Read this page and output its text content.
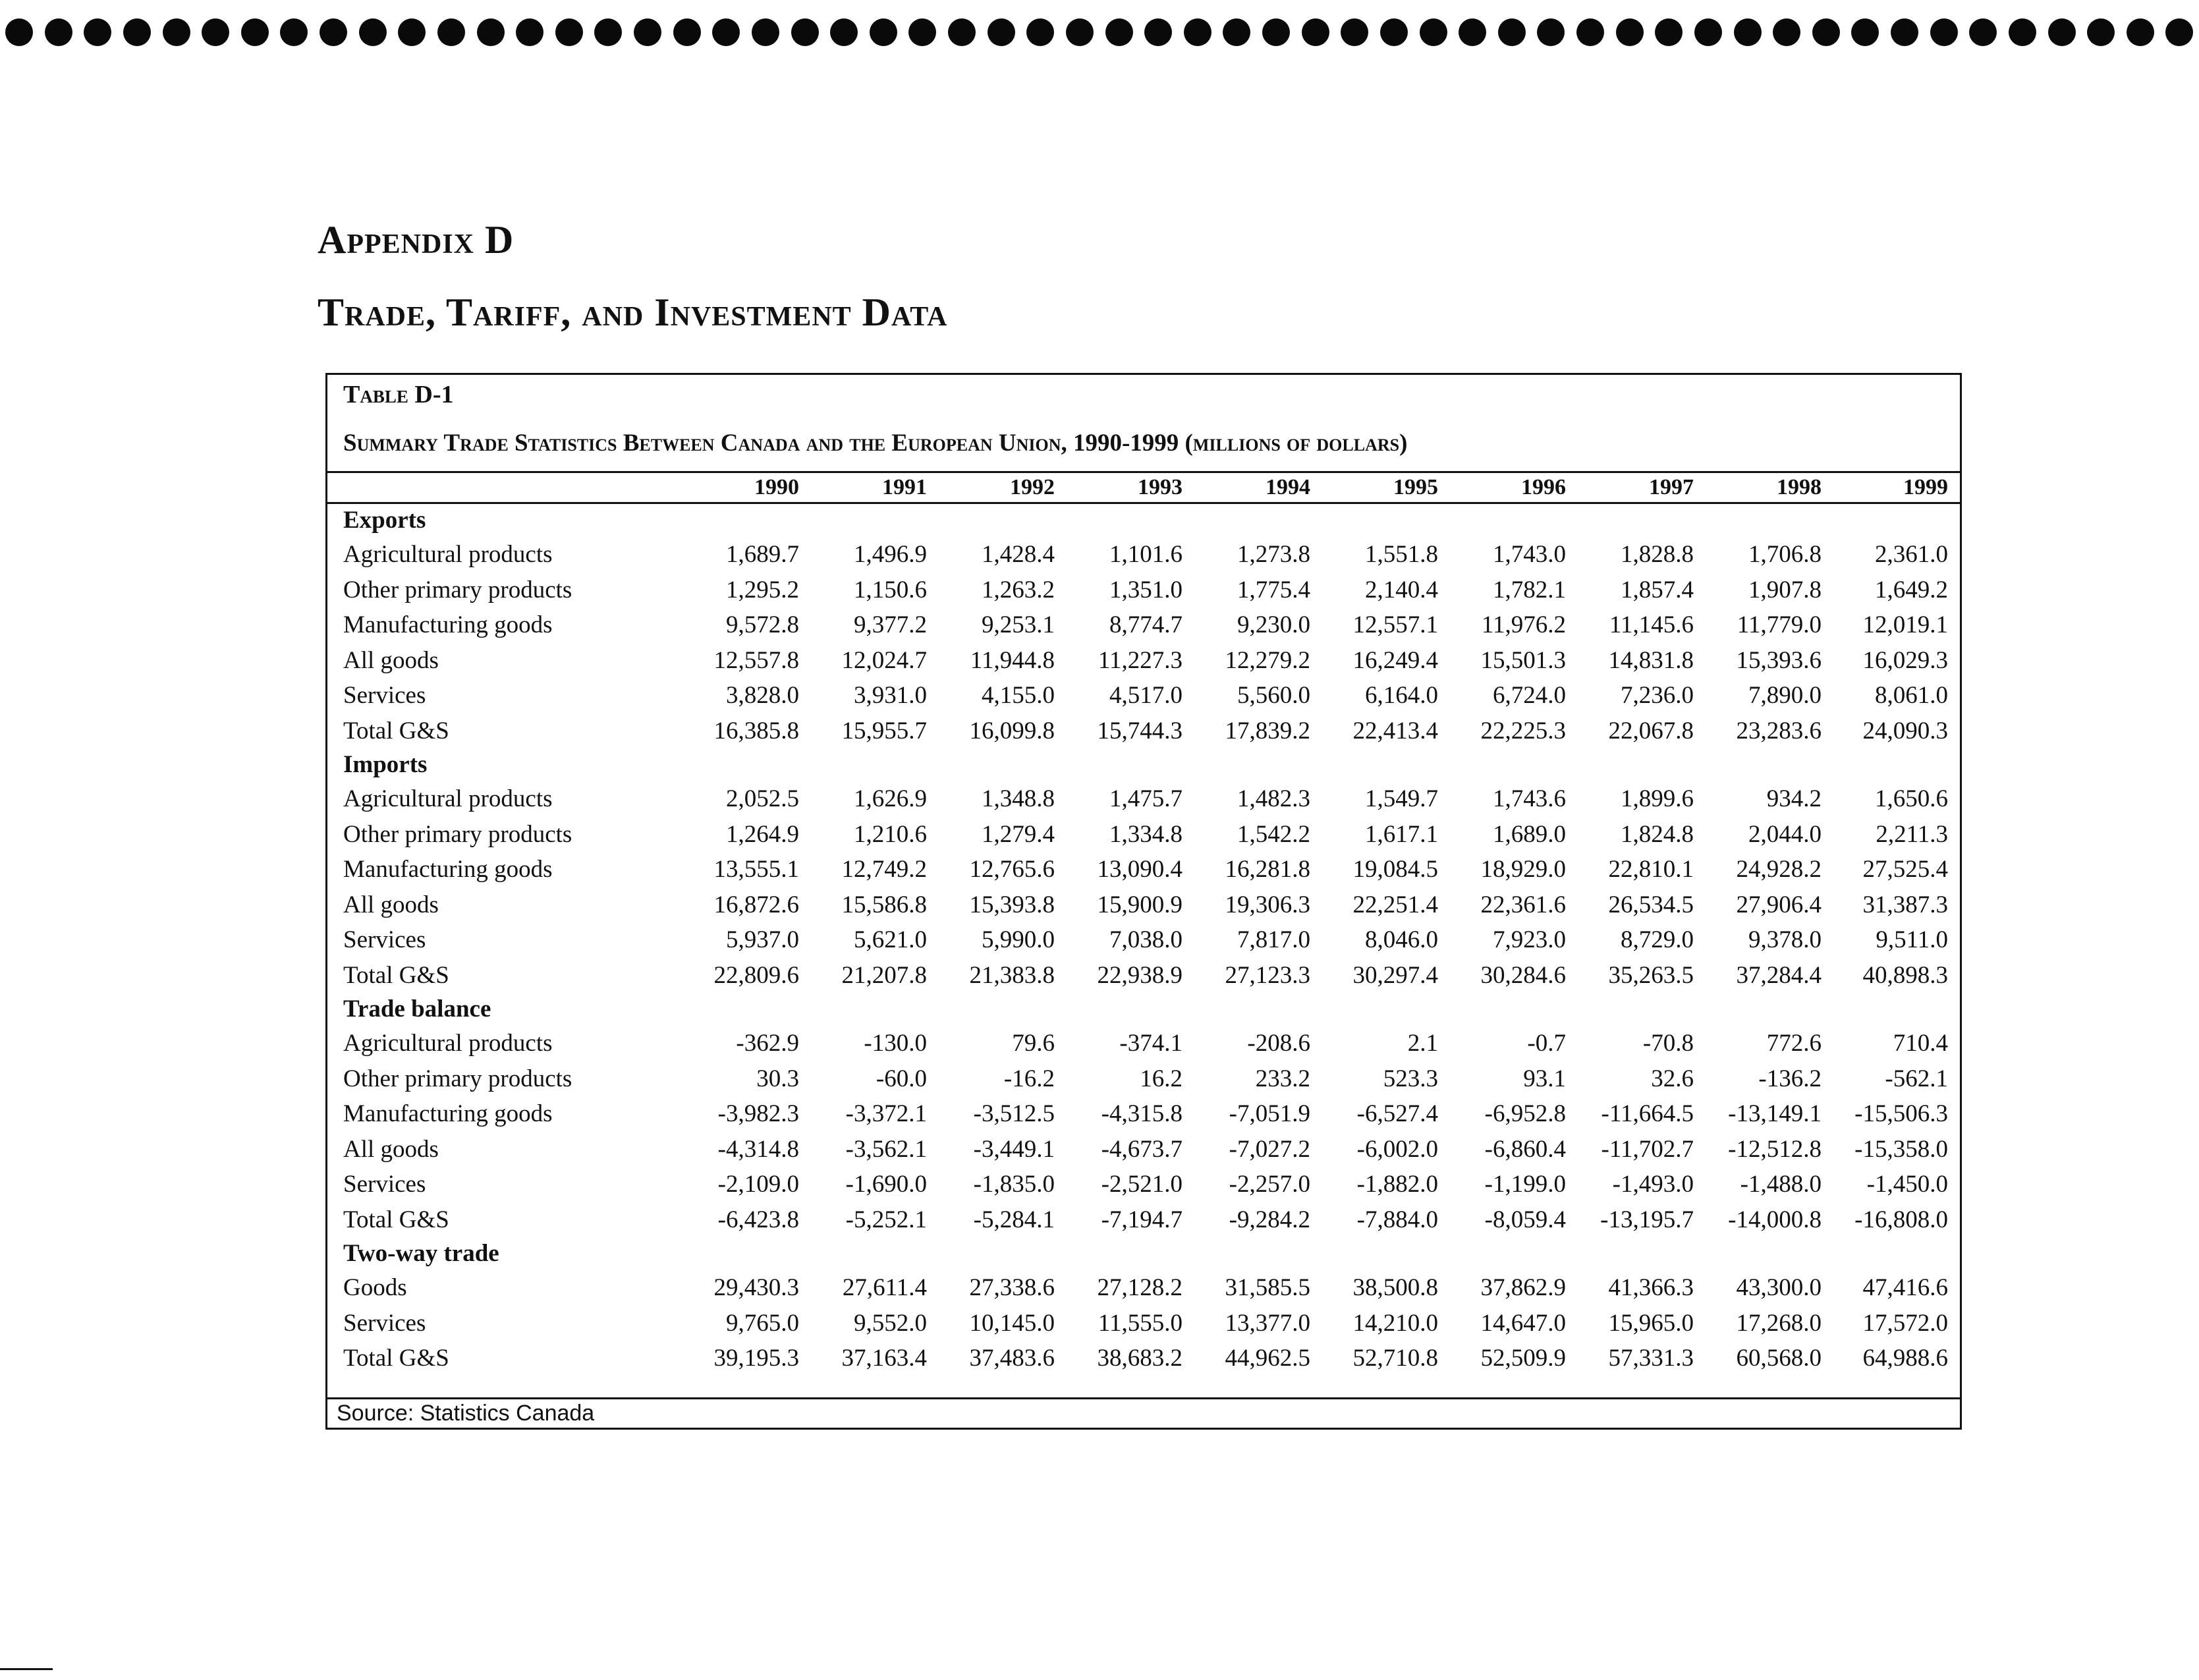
Appendix D
Trade, Tariff, and Investment Data
Table D-1
Summary Trade Statistics Between Canada and the European Union, 1990-1999 (millions of dollars)
	1990	1991	1992	1993	1994	1995	1996	1997	1998	1999
Exports										
Agricultural products	1,689.7	1,496.9	1,428.4	1,101.6	1,273.8	1,551.8	1,743.0	1,828.8	1,706.8	2,361.0
Other primary products	1,295.2	1,150.6	1,263.2	1,351.0	1,775.4	2,140.4	1,782.1	1,857.4	1,907.8	1,649.2
Manufacturing goods	9,572.8	9,377.2	9,253.1	8,774.7	9,230.0	12,557.1	11,976.2	11,145.6	11,779.0	12,019.1
All goods	12,557.8	12,024.7	11,944.8	11,227.3	12,279.2	16,249.4	15,501.3	14,831.8	15,393.6	16,029.3
Services	3,828.0	3,931.0	4,155.0	4,517.0	5,560.0	6,164.0	6,724.0	7,236.0	7,890.0	8,061.0
Total G&S	16,385.8	15,955.7	16,099.8	15,744.3	17,839.2	22,413.4	22,225.3	22,067.8	23,283.6	24,090.3
Imports										
Agricultural products	2,052.5	1,626.9	1,348.8	1,475.7	1,482.3	1,549.7	1,743.6	1,899.6	934.2	1,650.6
Other primary products	1,264.9	1,210.6	1,279.4	1,334.8	1,542.2	1,617.1	1,689.0	1,824.8	2,044.0	2,211.3
Manufacturing goods	13,555.1	12,749.2	12,765.6	13,090.4	16,281.8	19,084.5	18,929.0	22,810.1	24,928.2	27,525.4
All goods	16,872.6	15,586.8	15,393.8	15,900.9	19,306.3	22,251.4	22,361.6	26,534.5	27,906.4	31,387.3
Services	5,937.0	5,621.0	5,990.0	7,038.0	7,817.0	8,046.0	7,923.0	8,729.0	9,378.0	9,511.0
Total G&S	22,809.6	21,207.8	21,383.8	22,938.9	27,123.3	30,297.4	30,284.6	35,263.5	37,284.4	40,898.3
Trade balance										
Agricultural products	-362.9	-130.0	79.6	-374.1	-208.6	2.1	-0.7	-70.8	772.6	710.4
Other primary products	30.3	-60.0	-16.2	16.2	233.2	523.3	93.1	32.6	-136.2	-562.1
Manufacturing goods	-3,982.3	-3,372.1	-3,512.5	-4,315.8	-7,051.9	-6,527.4	-6,952.8	-11,664.5	-13,149.1	-15,506.3
All goods	-4,314.8	-3,562.1	-3,449.1	-4,673.7	-7,027.2	-6,002.0	-6,860.4	-11,702.7	-12,512.8	-15,358.0
Services	-2,109.0	-1,690.0	-1,835.0	-2,521.0	-2,257.0	-1,882.0	-1,199.0	-1,493.0	-1,488.0	-1,450.0
Total G&S	-6,423.8	-5,252.1	-5,284.1	-7,194.7	-9,284.2	-7,884.0	-8,059.4	-13,195.7	-14,000.8	-16,808.0
Two-way trade										
Goods	29,430.3	27,611.4	27,338.6	27,128.2	31,585.5	38,500.8	37,862.9	41,366.3	43,300.0	47,416.6
Services	9,765.0	9,552.0	10,145.0	11,555.0	13,377.0	14,210.0	14,647.0	15,965.0	17,268.0	17,572.0
Total G&S	39,195.3	37,163.4	37,483.6	38,683.2	44,962.5	52,710.8	52,509.9	57,331.3	60,568.0	64,988.6
Source: Statistics Canada
